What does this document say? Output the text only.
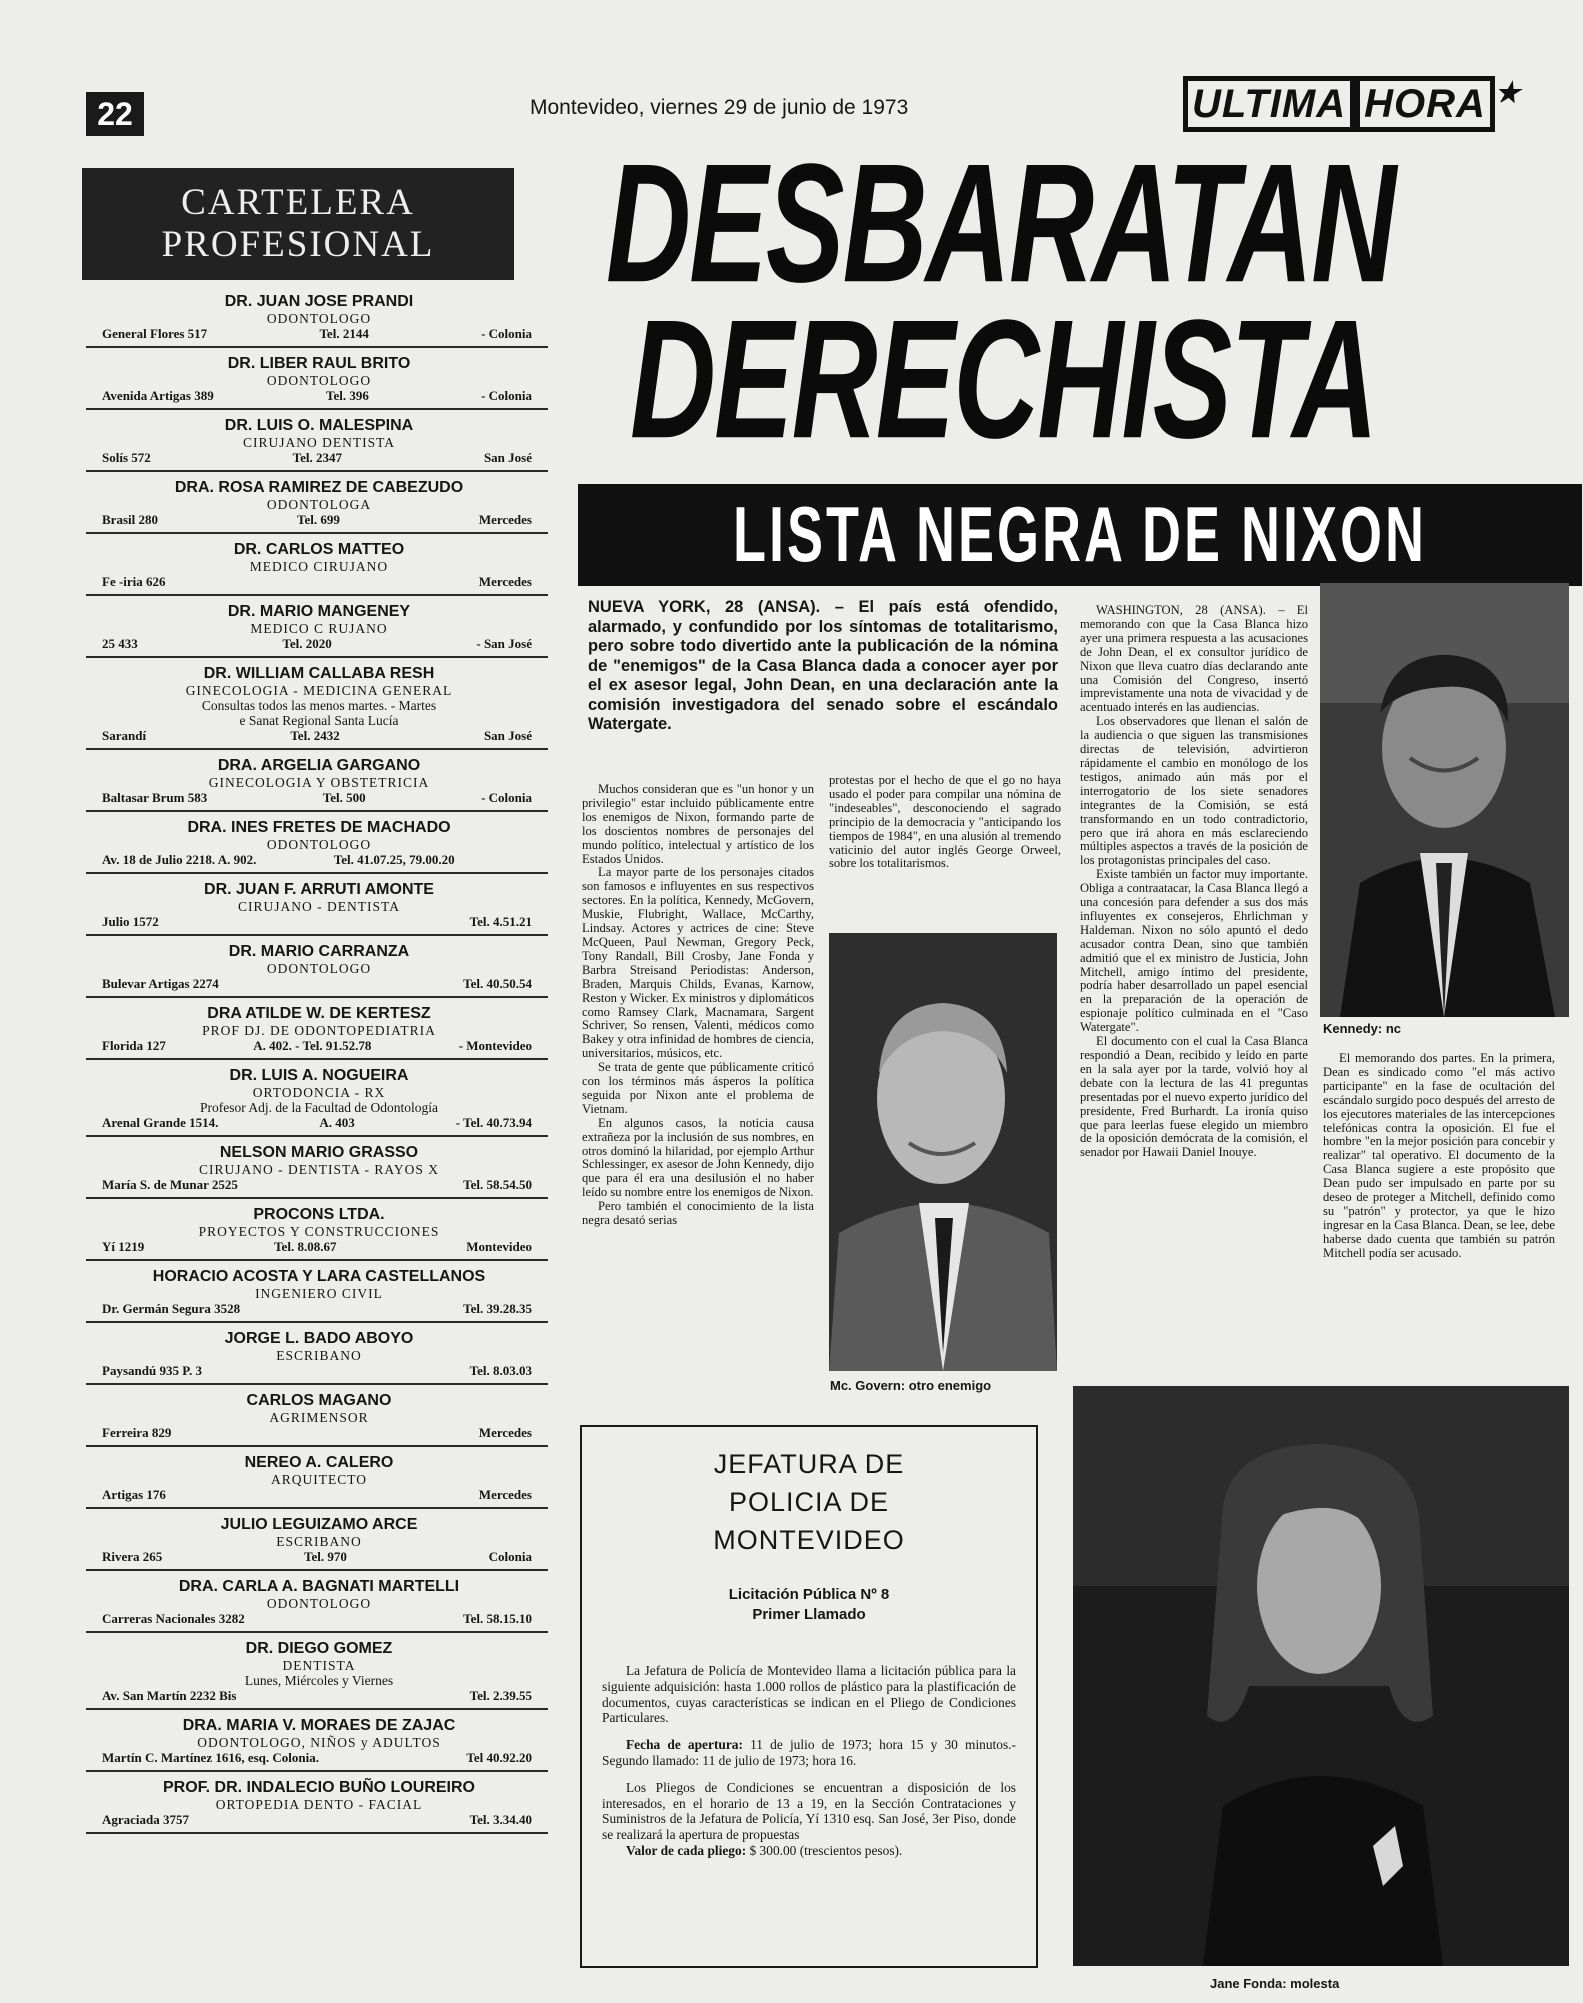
22	Montevideo, viernes 29 de junio de 1973	ULTIMA HORA ★
CARTELERA
PROFESIONAL
DR. JUAN JOSE PRANDI
ODONTOLOGO
General Flores 517	Tel. 2144	- Colonia
DR. LIBER RAUL BRITO
ODONTOLOGO
Avenida Artigas 389	Tel. 396	- Colonia
DR. LUIS O. MALESPINA
CIRUJANO DENTISTA
Solís 572	Tel. 2347	San José
DRA. ROSA RAMIREZ DE CABEZUDO
ODONTOLOGA
Brasil 280	Tel. 699	Mercedes
DR. CARLOS MATTEO
MEDICO CIRUJANO
Fe -iria 626	Mercedes
DR. MARIO MANGENEY
MEDICO C RUJANO
25 433	Tel. 2020	- San José
DR. WILLIAM CALLABA RESH
GINECOLOGIA - MEDICINA GENERAL
Consultas todos las menos martes. - Martes
e Sanat Regional Santa Lucía
Sarandí	Tel. 2432	San José
DRA. ARGELIA GARGANO
GINECOLOGIA Y OBSTETRICIA
Baltasar Brum 583	Tel. 500	- Colonia
DRA. INES FRETES DE MACHADO
ODONTOLOGO
Av. 18 de Julio 2218. A. 902.	Tel. 41.07.25, 79.00.20
DR. JUAN F. ARRUTI AMONTE
CIRUJANO - DENTISTA
Julio 1572	Tel. 4.51.21
DR. MARIO CARRANZA
ODONTOLOGO
Bulevar Artigas 2274	Tel. 40.50.54
DRA ATILDE W. DE KERTESZ
PROF DJ. DE ODONTOPEDIATRIA
Florida 127	A. 402. - Tel. 91.52.78	- Montevideo
DR. LUIS A. NOGUEIRA
ORTODONCIA - RX
Profesor Adj. de la Facultad de Odontología
Arenal Grande 1514.	A. 403	- Tel. 40.73.94
NELSON MARIO GRASSO
CIRUJANO - DENTISTA - RAYOS X
María S. de Munar 2525	Tel. 58.54.50
PROCONS LTDA.
PROYECTOS Y CONSTRUCCIONES
Yí 1219	Tel. 8.08.67	Montevideo
HORACIO ACOSTA Y LARA CASTELLANOS
INGENIERO CIVIL
Dr. Germán Segura 3528	Tel. 39.28.35
JORGE L. BADO ABOYO
ESCRIBANO
Paysandú 935 P. 3	Tel. 8.03.03
CARLOS MAGANO
AGRIMENSOR
Ferreira 829	Mercedes
NEREO A. CALERO
ARQUITECTO
Artigas 176	Mercedes
JULIO LEGUIZAMO ARCE
ESCRIBANO
Rivera 265	Tel. 970	Colonia
DRA. CARLA A. BAGNATI MARTELLI
ODONTOLOGO
Carreras Nacionales 3282	Tel. 58.15.10
DR. DIEGO GOMEZ
DENTISTA
Lunes, Miércoles y Viernes
Av. San Martín 2232 Bis	Tel. 2.39.55
DRA. MARIA V. MORAES DE ZAJAC
ODONTOLOGO, NIÑOS y ADULTOS
Martín C. Martínez 1616, esq. Colonia.	Tel 40.92.20
PROF. DR. INDALECIO BUÑO LOUREIRO
ORTOPEDIA DENTO - FACIAL
Agraciada 3757	Tel. 3.34.40
DESBARATAN
DERECHISTA
LISTA NEGRA DE NIXON
NUEVA YORK, 28 (ANSA). – El país está ofendido, alarmado, y confundido por los síntomas de totalitarismo, pero sobre todo divertido ante la publicación de la nómina de "enemigos" de la Casa Blanca dada a conocer ayer por el ex asesor legal, John Dean, en una declaración ante la comisión investigadora del senado sobre el escándalo Watergate.

Muchos consideran que es "un honor y un privilegio" estar incluido públicamente entre los enemigos de Nixon, formando parte de los doscientos nombres de personajes del mundo político, intelectual y artístico de los Estados Unidos.

La mayor parte de los personajes citados son famosos e influyentes en sus respectivos sectores. En la política, Kennedy, McGovern, Muskie, Flubright, Wallace, McCarthy, Lindsay. Actores y actrices de cine: Steve McQueen, Paul Newman, Gregory Peck, Tony Randall, Bill Crosby, Jane Fonda y Barbra Streisand Periodistas: Anderson, Braden, Marquis Childs, Evanas, Karnow, Reston y Wicker. Ex ministros y diplomáticos como Ramsey Clark, Macnamara, Sargent Schriver, So rensen, Valenti, médicos como Bakey y otra infinidad de hombres de ciencia, universitarios, músicos, etc.

Se trata de gente que públicamente criticó con los términos más ásperos la política seguida por Nixon ante el problema de Vietnam.

En algunos casos, la noticia causa extrañeza por la inclusión de sus nombres, en otros dominó la hilaridad, por ejemplo Arthur Schlessinger, ex asesor de John Kennedy, dijo que para él era una desilusión el no haber leído su nombre entre los enemigos de Nixon.

Pero también el conocimiento de la lista negra desató serias

protestas por el hecho de que el go no haya usado el poder para compilar una nómina de "indeseables", desconociendo el sagrado principio de la democracia y "anticipando los tiempos de 1984", en una alusión al tremendo vaticinio del autor inglés George Orweel, sobre los totalitarismos.

WASHINGTON, 28 (ANSA). – El memorando con que la Casa Blanca hizo ayer una primera respuesta a las acusaciones de John Dean, el ex consultor jurídico de Nixon que lleva cuatro días declarando ante una Comisión del Congreso, insertó imprevistamente una nota de vivacidad y de acentuado interés en las audiencias.

Los observadores que llenan el salón de la audiencia o que siguen las transmisiones directas de televisión, advirtieron rápidamente el cambio en monólogo de los testigos, animado aún más por el interrogatorio de los siete senadores integrantes de la Comisión, se está transformando en un todo contradictorio, pero que irá ahora en más esclareciendo múltiples aspectos a través de la posición de los protagonistas principales del caso.

Existe también un factor muy importante. Obliga a contraatacar, la Casa Blanca llegó a una concesión para defender a sus dos más influyentes ex consejeros, Ehrlichman y Haldeman. Nixon no sólo apuntó el dedo acusador contra Dean, sino que también admitió que el ex ministro de Justicia, John Mitchell, amigo íntimo del presidente, podría haber desarrollado un papel esencial en la preparación de la operación de espionaje político culminada en el "Caso Watergate".

El documento con el cual la Casa Blanca respondió a Dean, recibido y leído en parte en la sala ayer por la tarde, volvió hoy al debate con la lectura de las 41 preguntas presentadas por el nuevo experto jurídico del presidente, Fred Burhardt. La ironía quiso que para leerlas fuese elegido un miembro de la oposición demócrata de la comisión, el senador por Hawaii Daniel Inouye.

El memorando dos partes. En la primera, Dean es sindicado como "el más activo participante" en la fase de ocultación del escándalo surgido poco después del arresto de los ejecutores materiales de las intercepciones telefónicas contra la oposición. El fue el hombre "en la mejor posición para concebir y realizar" tal operativo. El documento de la Casa Blanca sugiere a este propósito que Dean pudo ser impulsado en parte por su deseo de proteger a Mitchell, definido como su "patrón" y protector, ya que le hizo ingresar en la Casa Blanca. Dean, se lee, debe haberse dado cuenta que también su patrón Mitchell podía ser acusado.

Kennedy: nc
Mc. Govern: otro enemigo
Jane Fonda: molesta
JEFATURA DE
POLICIA DE
MONTEVIDEO
Licitación Pública Nº 8
Primer Llamado

La Jefatura de Policía de Montevideo llama a licitación pública para la siguiente adquisición: hasta 1.000 rollos de plástico para la plastificación de documentos, cuyas características se indican en el Pliego de Condiciones Particulares.

Fecha de apertura: 11 de julio de 1973; hora 15 y 30 minutos.- Segundo llamado: 11 de julio de 1973; hora 16.

Los Pliegos de Condiciones se encuentran a disposición de los interesados, en el horario de 13 a 19, en la Sección Contrataciones y Suministros de la Jefatura de Policía, Yí 1310 esq. San José, 3er Piso, donde se realizará la apertura de propuestas

Valor de cada pliego: $ 300.00 (trescientos pesos).
